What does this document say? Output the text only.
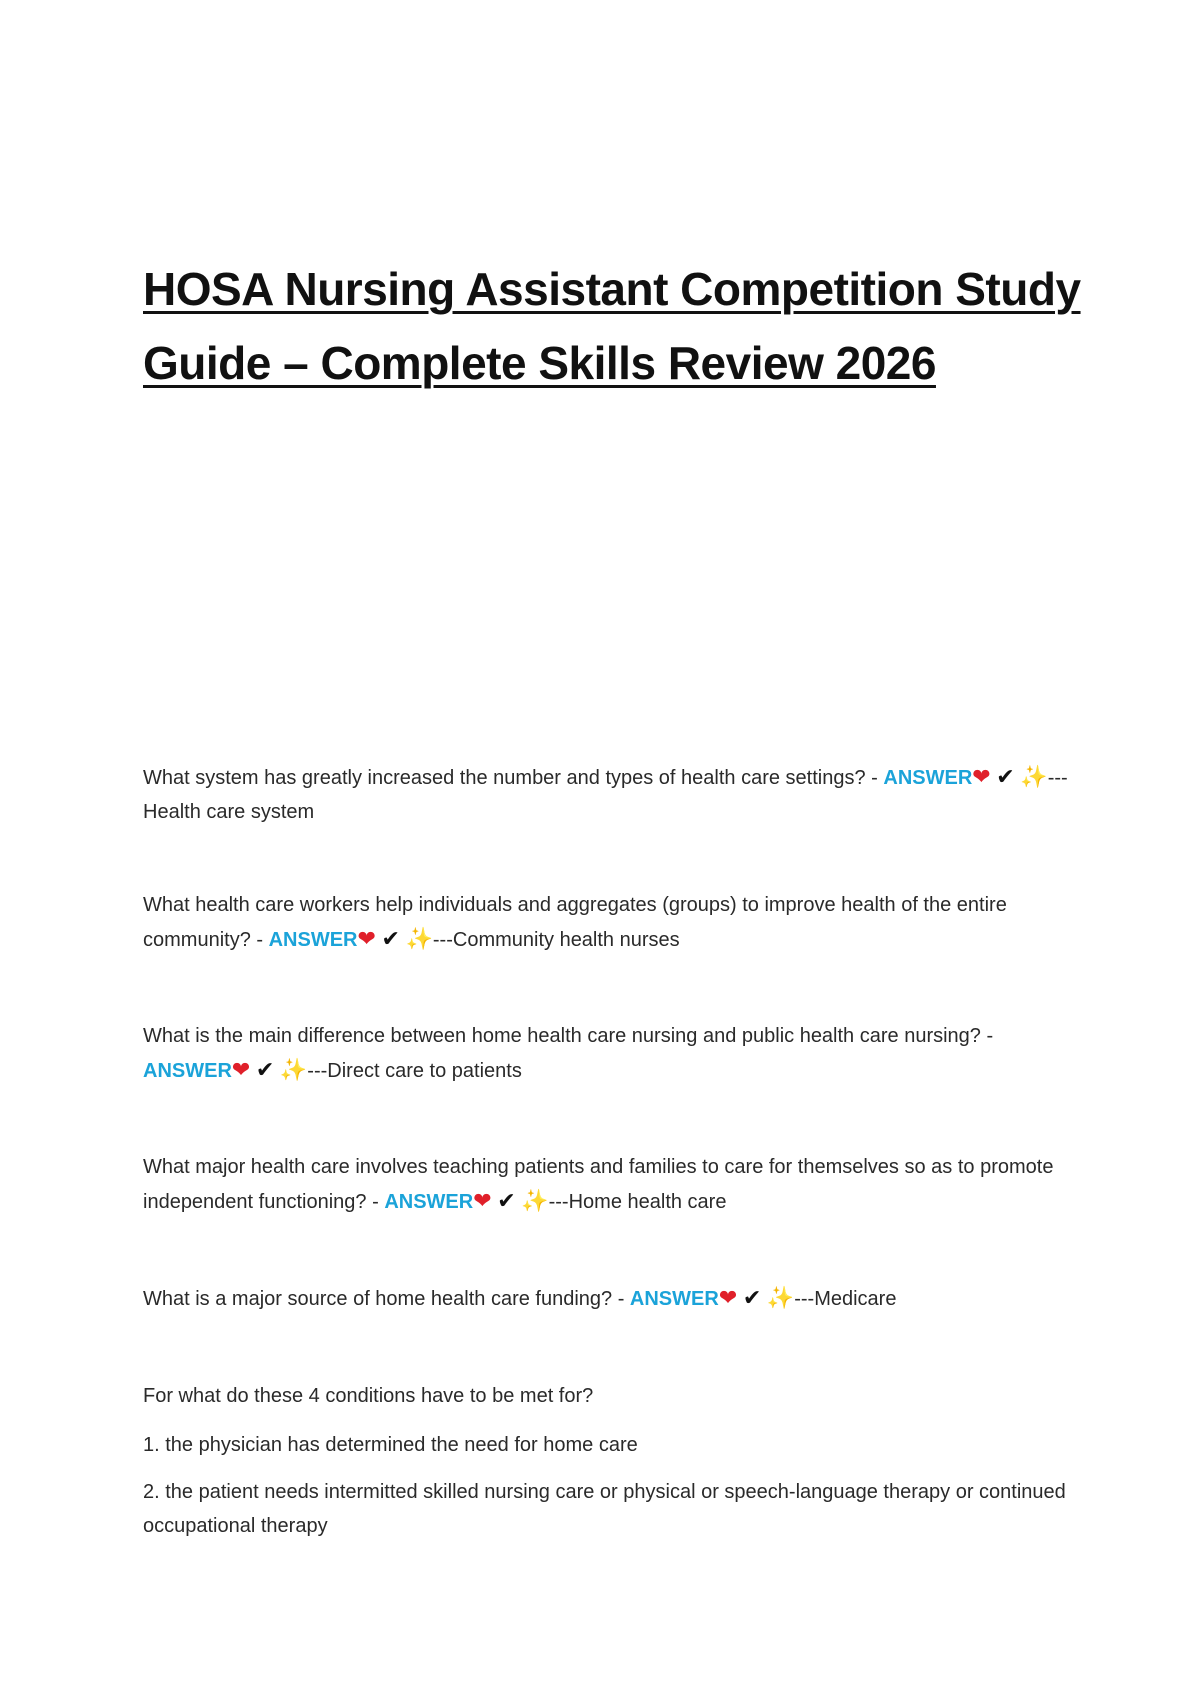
HOSA Nursing Assistant Competition Study Guide – Complete Skills Review 2026

What system has greatly increased the number and types of health care settings? - ANSWER❤ ✔ ✨---Health care system

What health care workers help individuals and aggregates (groups) to improve health of the entire community? - ANSWER❤ ✔ ✨---Community health nurses

What is the main difference between home health care nursing and public health care nursing? - ANSWER❤ ✔ ✨---Direct care to patients

What major health care involves teaching patients and families to care for themselves so as to promote independent functioning? - ANSWER❤ ✔ ✨---Home health care

What is a major source of home health care funding? - ANSWER❤ ✔ ✨---Medicare

For what do these 4 conditions have to be met for?

1. the physician has determined the need for home care

2. the patient needs intermitted skilled nursing care or physical or speech-language therapy or continued occupational therapy
